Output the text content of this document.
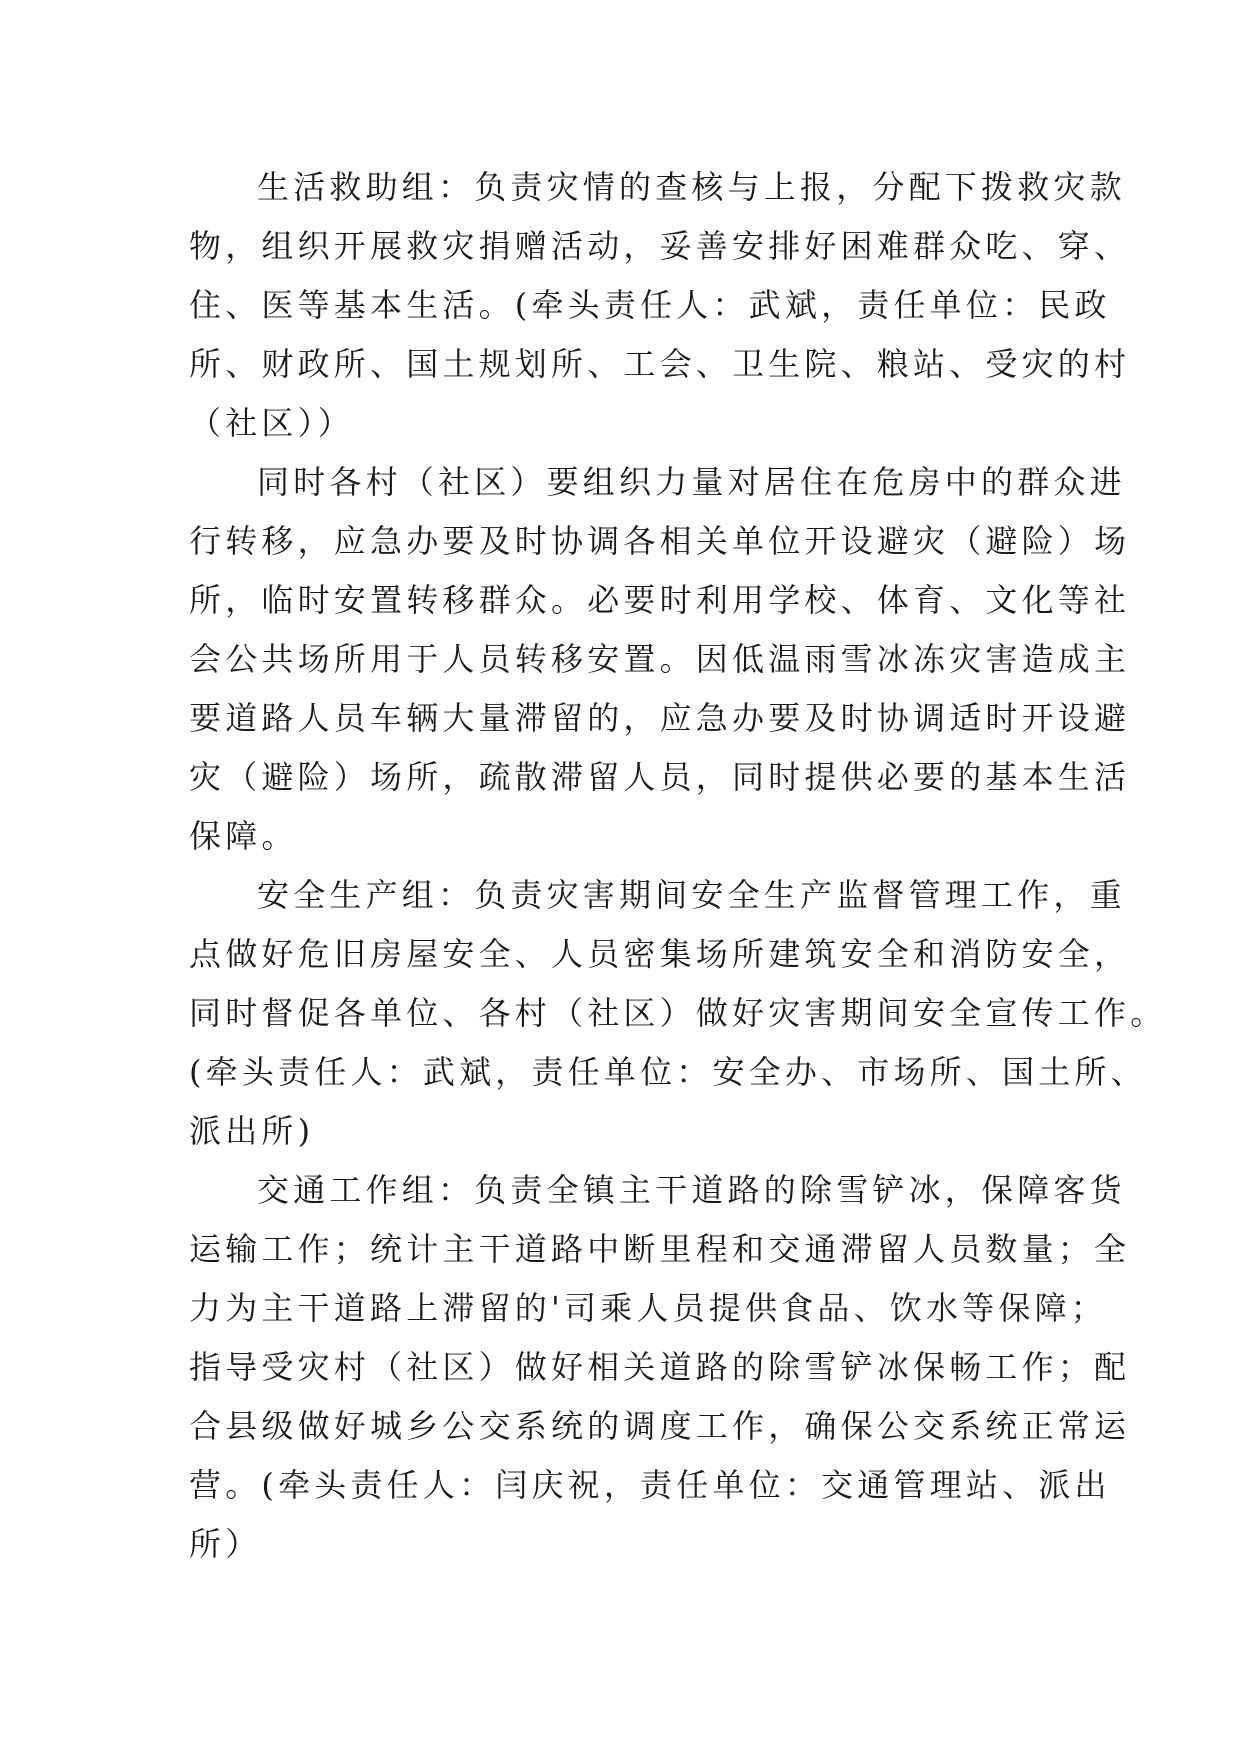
生活救助组：负责灾情的查核与上报，分配下拨救灾款
物，组织开展救灾捐赠活动，妥善安排好困难群众吃、穿、
住、医等基本生活。(牵头责任人：武斌，责任单位：民政
所、财政所、国土规划所、工会、卫生院、粮站、受灾的村
（社区））
同时各村（社区）要组织力量对居住在危房中的群众进
行转移，应急办要及时协调各相关单位开设避灾（避险）场
所，临时安置转移群众。必要时利用学校、体育、文化等社
会公共场所用于人员转移安置。因低温雨雪冰冻灾害造成主
要道路人员车辆大量滞留的，应急办要及时协调适时开设避
灾（避险）场所，疏散滞留人员，同时提供必要的基本生活
保障。
安全生产组：负责灾害期间安全生产监督管理工作，重
点做好危旧房屋安全、人员密集场所建筑安全和消防安全，
同时督促各单位、各村（社区）做好灾害期间安全宣传工作。
(牵头责任人：武斌，责任单位：安全办、市场所、国土所、
派出所)
交通工作组：负责全镇主干道路的除雪铲冰，保障客货
运输工作；统计主干道路中断里程和交通滞留人员数量；全
力为主干道路上滞留的'司乘人员提供食品、饮水等保障；
指导受灾村（社区）做好相关道路的除雪铲冰保畅工作；配
合县级做好城乡公交系统的调度工作，确保公交系统正常运
营。(牵头责任人：闫庆祝，责任单位：交通管理站、派出
所）
